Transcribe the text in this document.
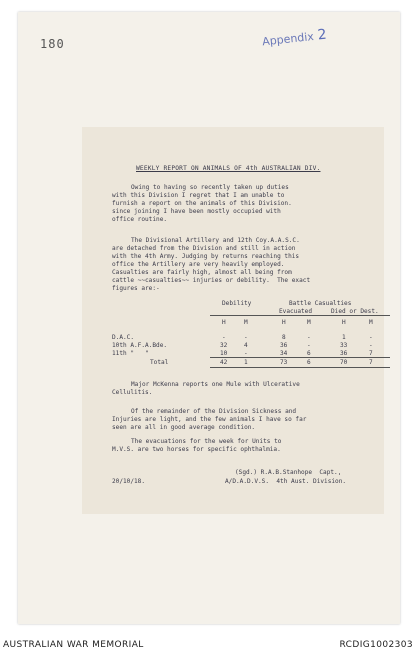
180	Appendix 2
WEEKLY REPORT ON ANIMALS OF 4th AUSTRALIAN DIV.
Owing to having so recently taken up duties
with this Division I regret that I am unable to
furnish a report on the animals of this Division.
since joining I have been mostly occupied with
office routine.
The Divisional Artillery and 12th Coy.A.A.S.C.
are detached from the Division and still in action
with the 4th Army. Judging by returns reaching this
office the Artillery are very heavily employed.
Casualties are fairly high, almost all being from
cattle ~~casualties~~ injuries or debility.  The exact
figures are:-
Debility	Battle Casualties
Evacuated	Died or Dest.
H	M	H	M	H	M
D.A.C.	-	-	8	-	1	-
10th A.F.A.Bde.	32	4	36	-	33	-
11th "   "	10	-	34	6	36	7
Total	42	1	73	6	70	7
Major McKenna reports one Mule with Ulcerative
Cellulitis.
Of the remainder of the Division Sickness and
Injuries are light, and the few animals I have so far
seen are all in good average condition.
The evacuations for the week for Units to
M.V.S. are two horses for specific ophthalmia.
(Sgd.) R.A.B.Stanhope  Capt.,
20/10/18.	A/D.A.D.V.S.  4th Aust. Division.
AUSTRALIAN WAR MEMORIAL	RCDIG1002303
